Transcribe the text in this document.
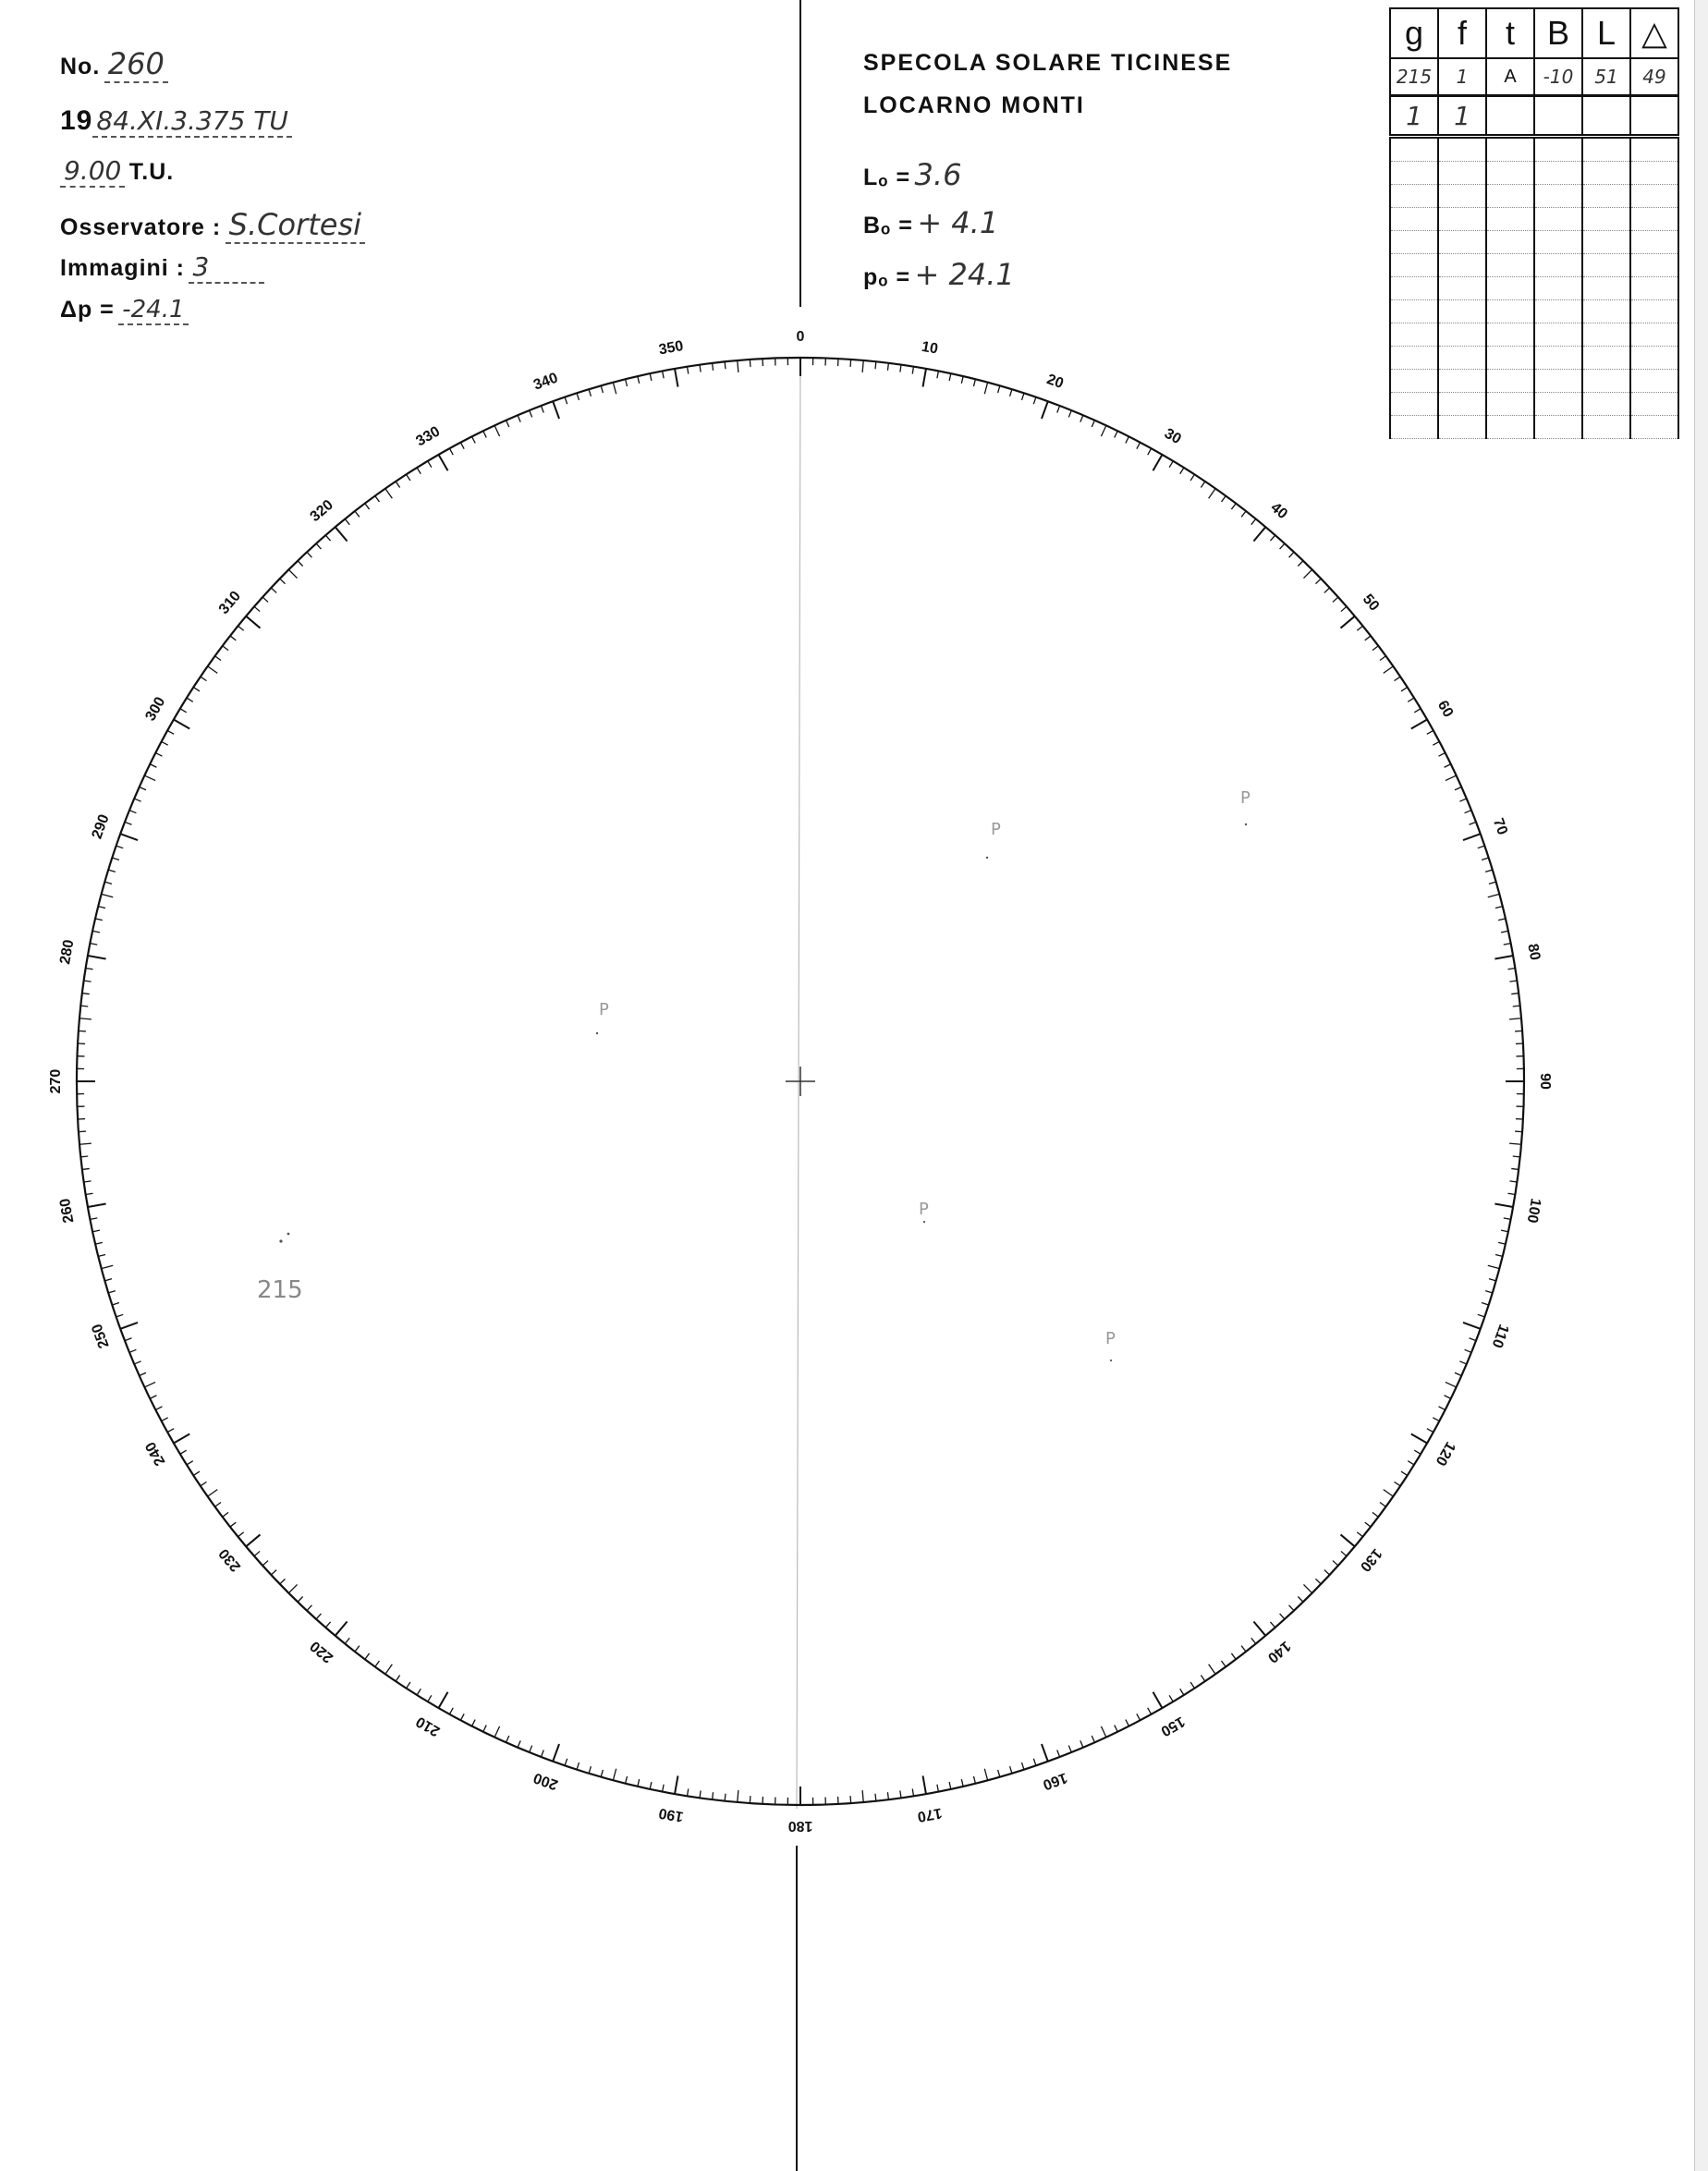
0
10
20
30
40
50
60
70
80
90
100
110
120
130
140
150
160
170
180
190
200
210
220
230
240
250
260
270
280
290
300
310
320
330
340
350
215
P
P
P
P
P
No. 260
19 84.XI.3.375 TU
9.00 T.U.
Osservatore : S.Cortesi
Immagini : 3
Δp = -24.1
SPECOLA SOLARE TICINESE
LOCARNO MONTI
Lₒ = 3.6
Bₒ = + 4.1
pₒ = + 24.1
g	f	t	B	L	△
215	1	A	-10	51	49
1	1				
